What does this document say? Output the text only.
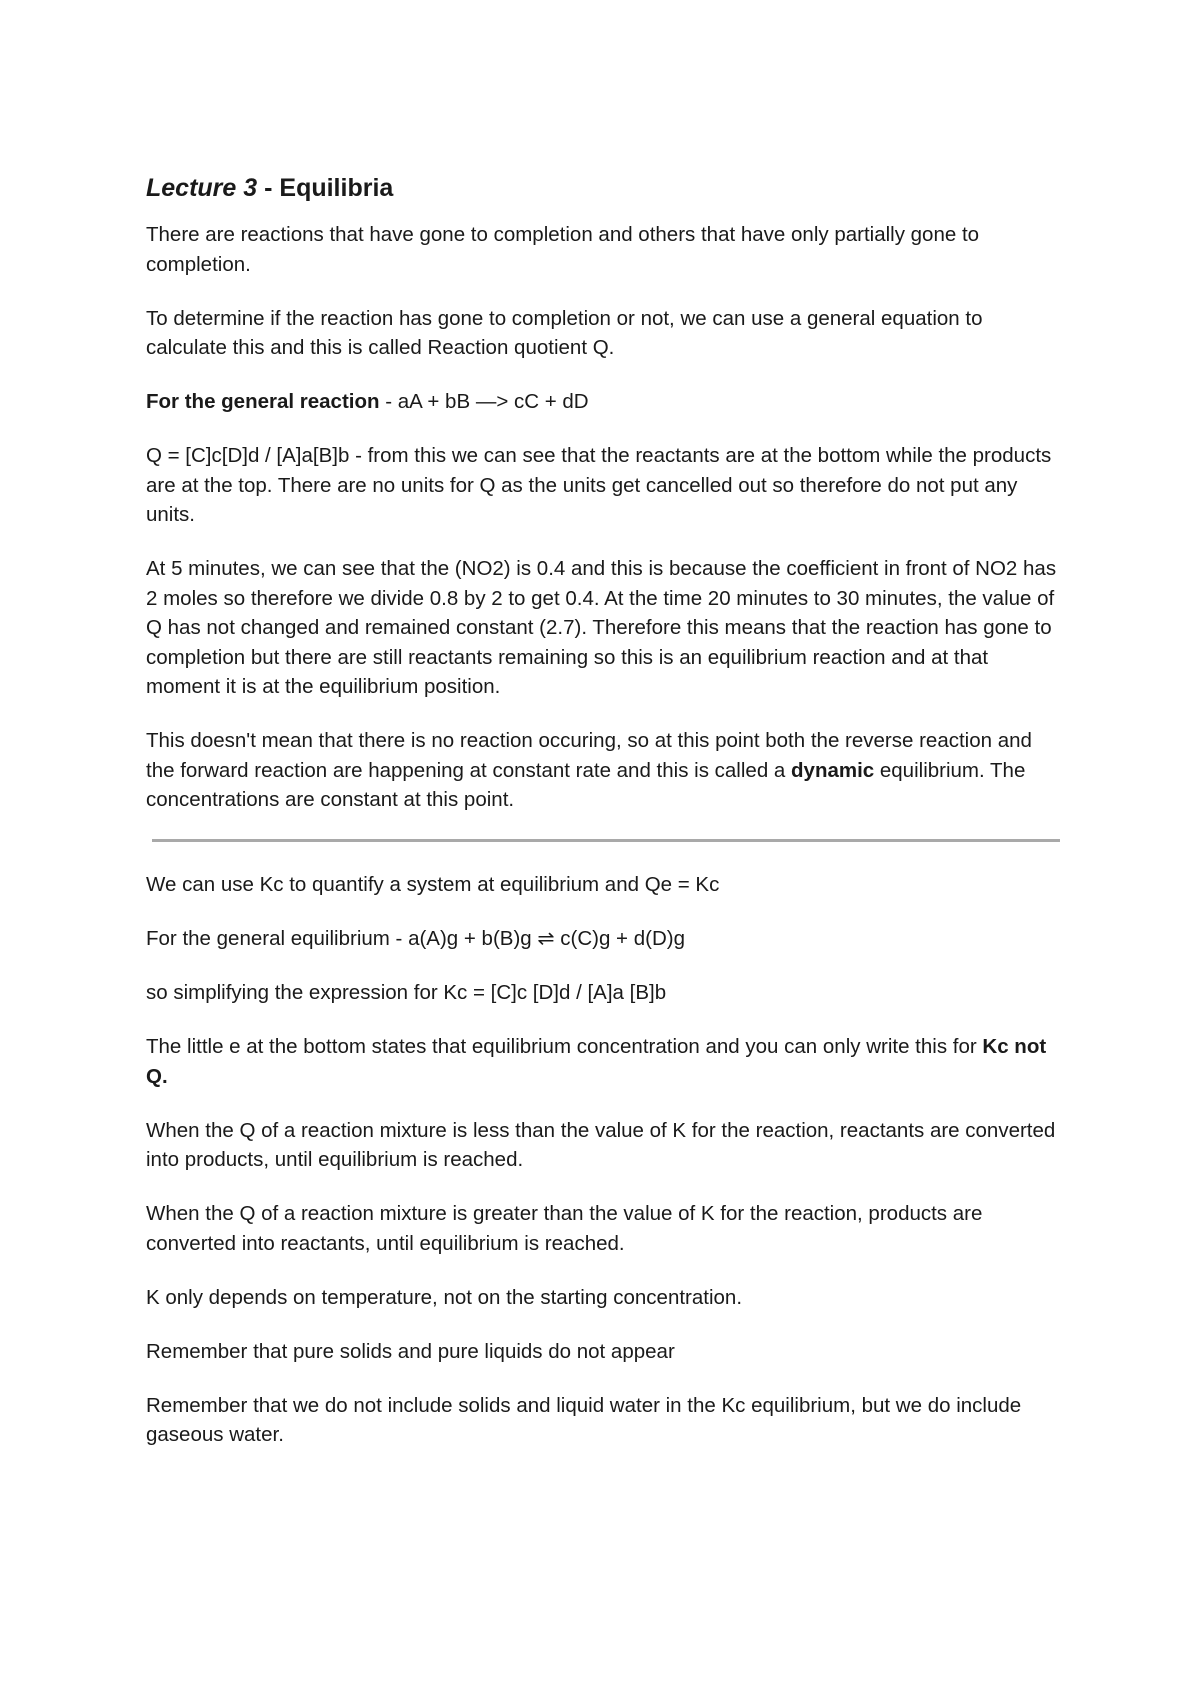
Lecture 3 - Equilibria

There are reactions that have gone to completion and others that have only partially gone to completion.

To determine if the reaction has gone to completion or not, we can use a general equation to calculate this and this is called Reaction quotient Q.

For the general reaction - aA + bB —> cC + dD

Q = [C]c[D]d / [A]a[B]b - from this we can see that the reactants are at the bottom while the products are at the top. There are no units for Q as the units get cancelled out so therefore do not put any units.

At 5 minutes, we can see that the (NO2) is 0.4 and this is because the coefficient in front of NO2 has 2 moles so therefore we divide 0.8 by 2 to get 0.4. At the time 20 minutes to 30 minutes, the value of Q has not changed and remained constant (2.7). Therefore this means that the reaction has gone to completion but there are still reactants remaining so this is an equilibrium reaction and at that moment it is at the equilibrium position.

This doesn't mean that there is no reaction occuring, so at this point both the reverse reaction and the forward reaction are happening at constant rate and this is called a dynamic equilibrium. The concentrations are constant at this point.

We can use Kc to quantify a system at equilibrium and Qe = Kc

For the general equilibrium - a(A)g + b(B)g ⇌ c(C)g + d(D)g

so simplifying the expression for Kc = [C]c [D]d / [A]a [B]b

The little e at the bottom states that equilibrium concentration and you can only write this for Kc not Q.

When the Q of a reaction mixture is less than the value of K for the reaction, reactants are converted into products, until equilibrium is reached.

When the Q of a reaction mixture is greater than the value of K for the reaction, products are converted into reactants, until equilibrium is reached.

K only depends on temperature, not on the starting concentration.

Remember that pure solids and pure liquids do not appear

Remember that we do not include solids and liquid water in the Kc equilibrium, but we do include gaseous water.
